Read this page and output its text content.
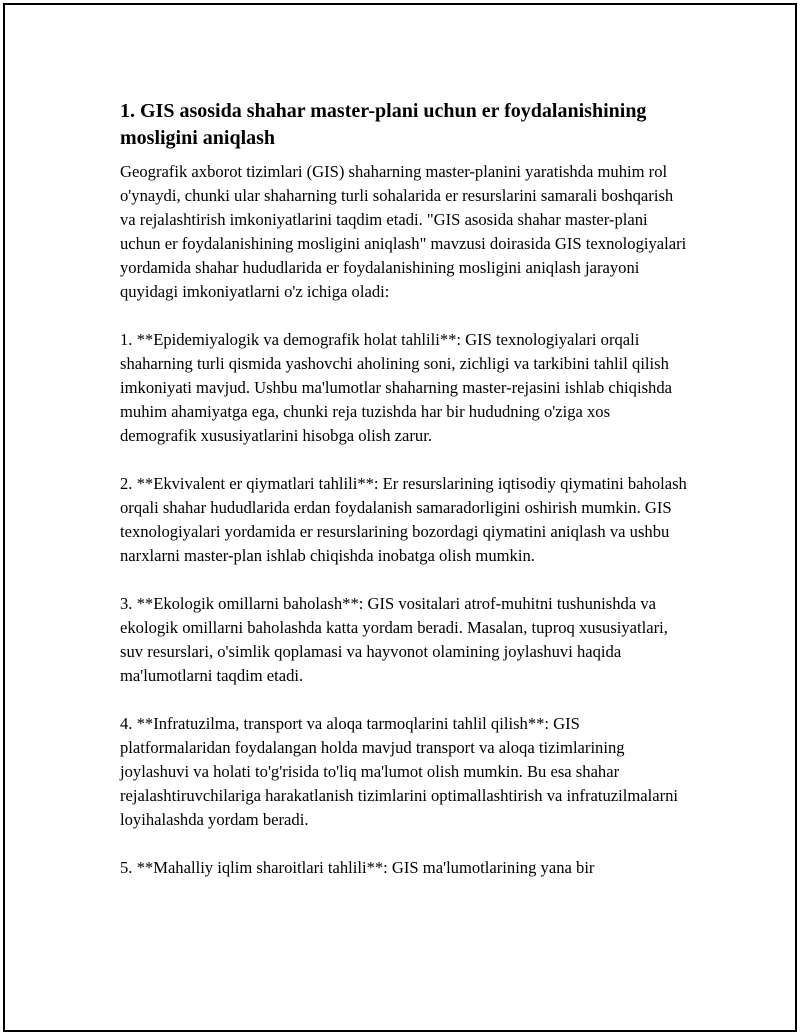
1. GIS asosida shahar master-plani uchun er foydalanishining mosligini aniqlash

Geografik axborot tizimlari (GIS) shaharning master-planini yaratishda muhim rol o'ynaydi, chunki ular shaharning turli sohalarida er resurslarini samarali boshqarish va rejalashtirish imkoniyatlarini taqdim etadi. "GIS asosida shahar master-plani uchun er foydalanishining mosligini aniqlash" mavzusi doirasida GIS texnologiyalari yordamida shahar hududlarida er foydalanishining mosligini aniqlash jarayoni quyidagi imkoniyatlarni o'z ichiga oladi:

1. **Epidemiyalogik va demografik holat tahlili**: GIS texnologiyalari orqali shaharning turli qismida yashovchi aholining soni, zichligi va tarkibini tahlil qilish imkoniyati mavjud. Ushbu ma'lumotlar shaharning master-rejasini ishlab chiqishda muhim ahamiyatga ega, chunki reja tuzishda har bir hududning o'ziga xos demografik xususiyatlarini hisobga olish zarur.

2. **Ekvivalent er qiymatlari tahlili**: Er resurslarining iqtisodiy qiymatini baholash orqali shahar hududlarida erdan foydalanish samaradorligini oshirish mumkin. GIS texnologiyalari yordamida er resurslarining bozordagi qiymatini aniqlash va ushbu narxlarni master-plan ishlab chiqishda inobatga olish mumkin.

3. **Ekologik omillarni baholash**: GIS vositalari atrof-muhitni tushunishda va ekologik omillarni baholashda katta yordam beradi. Masalan, tuproq xususiyatlari, suv resurslari, o'simlik qoplamasi va hayvonot olamining joylashuvi haqida ma'lumotlarni taqdim etadi.

4. **Infratuzilma, transport va aloqa tarmoqlarini tahlil qilish**: GIS platformalaridan foydalangan holda mavjud transport va aloqa tizimlarining joylashuvi va holati to'g'risida to'liq ma'lumot olish mumkin. Bu esa shahar rejalashtiruvchilariga harakatlanish tizimlarini optimallashtirish va infratuzilmalarni loyihalashda yordam beradi.

5. **Mahalliy iqlim sharoitlari tahlili**: GIS ma'lumotlarining yana bir
